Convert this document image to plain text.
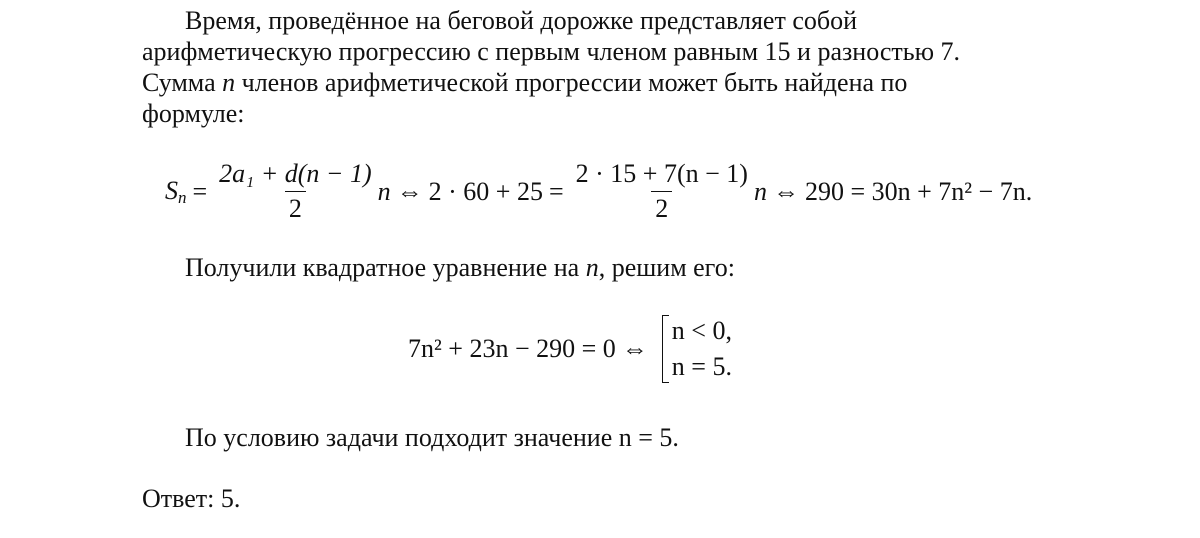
Время, проведённое на беговой дорожке представляет собой
арифметическую прогрессию с первым членом равным 15 и разностью 7.
Сумма n членов арифметической прогрессии может быть найдена по
формуле:
$S_n = \frac{\text{2a₁ + d(n − 1)}}{2}$ n ⇔ $2 \cdot 60 + 25 = \frac{2 \cdot 15 + 7(n - 1)}{2}$ n ⇔ 290 = 30n + 7n² − 7n.
Получили квадратное уравнение на n, решим его:
7n² + 23n − 290 = 0 ⇔
n < 0,
n = 5.
По условию задачи подходит значение n = 5.
Ответ: 5.
